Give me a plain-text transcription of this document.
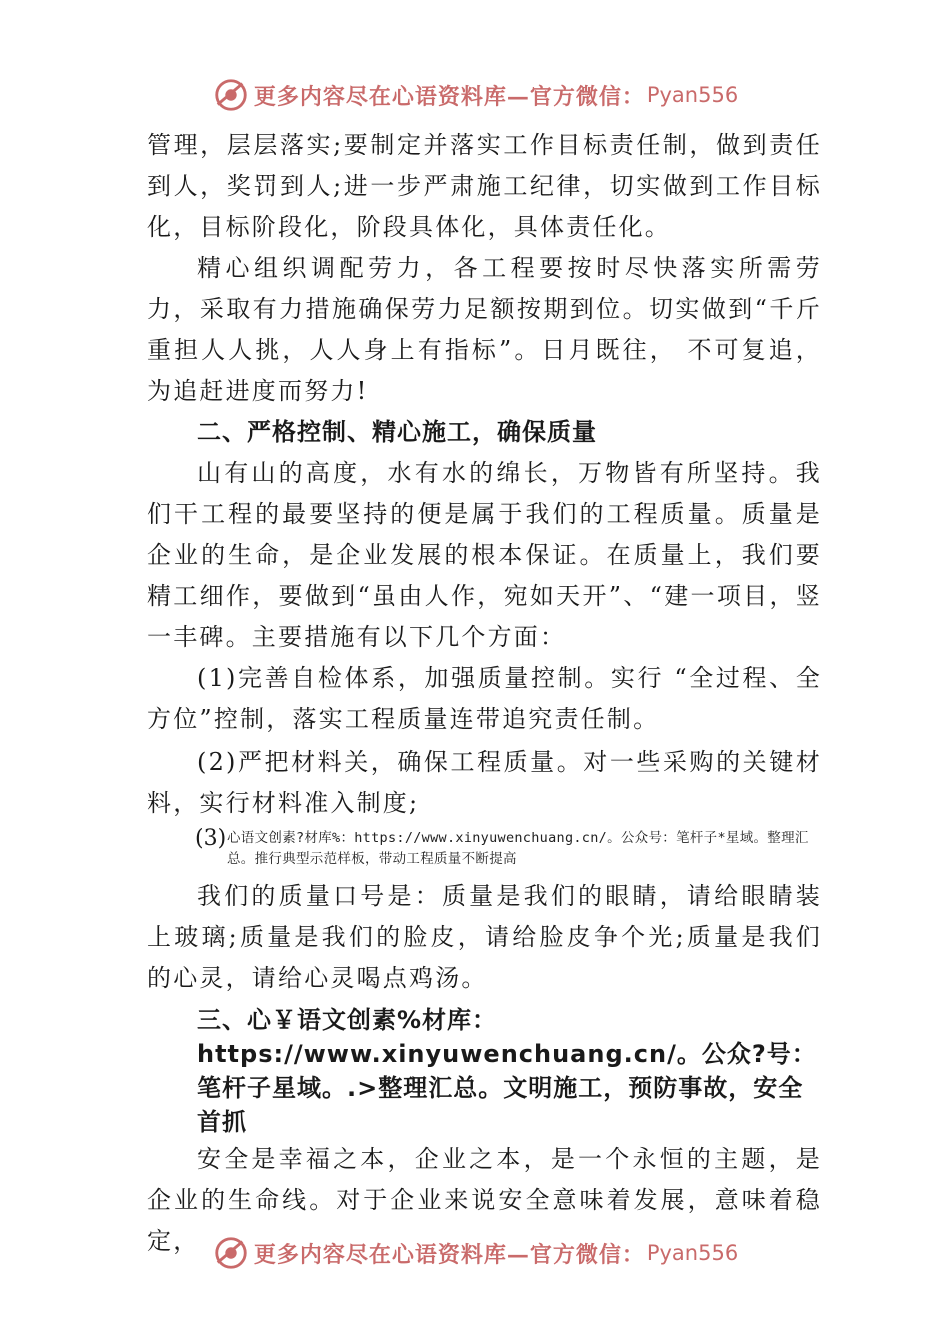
更多内容尽在心语资料库—官方微信： Pyan556

管理，层层落实;要制定并落实工作目标责任制，做到责任到人，奖罚到人;进一步严肃施工纪律，切实做到工作目标化，目标阶段化，阶段具体化，具体责任化。

精心组织调配劳力，各工程要按时尽快落实所需劳力，采取有力措施确保劳力足额按期到位。切实做到“千斤重担人人挑，人人身上有指标”。日月既往， 不可复追，为追赶进度而努力!

二、严格控制、精心施工，确保质量

山有山的高度，水有水的绵长，万物皆有所坚持。我们干工程的最要坚持的便是属于我们的工程质量。质量是企业的生命，是企业发展的根本保证。在质量上，我们要精工细作，要做到“虽由人作，宛如天开”、“建一项目，竖一丰碑。主要措施有以下几个方面：

(1)完善自检体系，加强质量控制。实行 “全过程、全方位”控制，落实工程质量连带追究责任制。

(2)严把材料关，确保工程质量。对一些采购的关键材料，实行材料准入制度;

(3) 心语文创素?材库%：https://www.xinyuwenchuang.cn/。公众号：笔杆子*星域。整理汇总。推行典型示范样板，带动工程质量不断提高

我们的质量口号是：质量是我们的眼睛，请给眼睛装上玻璃;质量是我们的脸皮，请给脸皮争个光;质量是我们的心灵，请给心灵喝点鸡汤。

三、心￥语文创素%材库：https://www.xinyuwenchuang.cn/。公众?号：笔杆子星域。.>整理汇总。文明施工，预防事故，安全首抓

安全是幸福之本，企业之本，是一个永恒的主题，是企业的生命线。对于企业来说安全意味着发展，意味着稳定，	更多内容尽在心语资料库—官方微信： Pyan556
